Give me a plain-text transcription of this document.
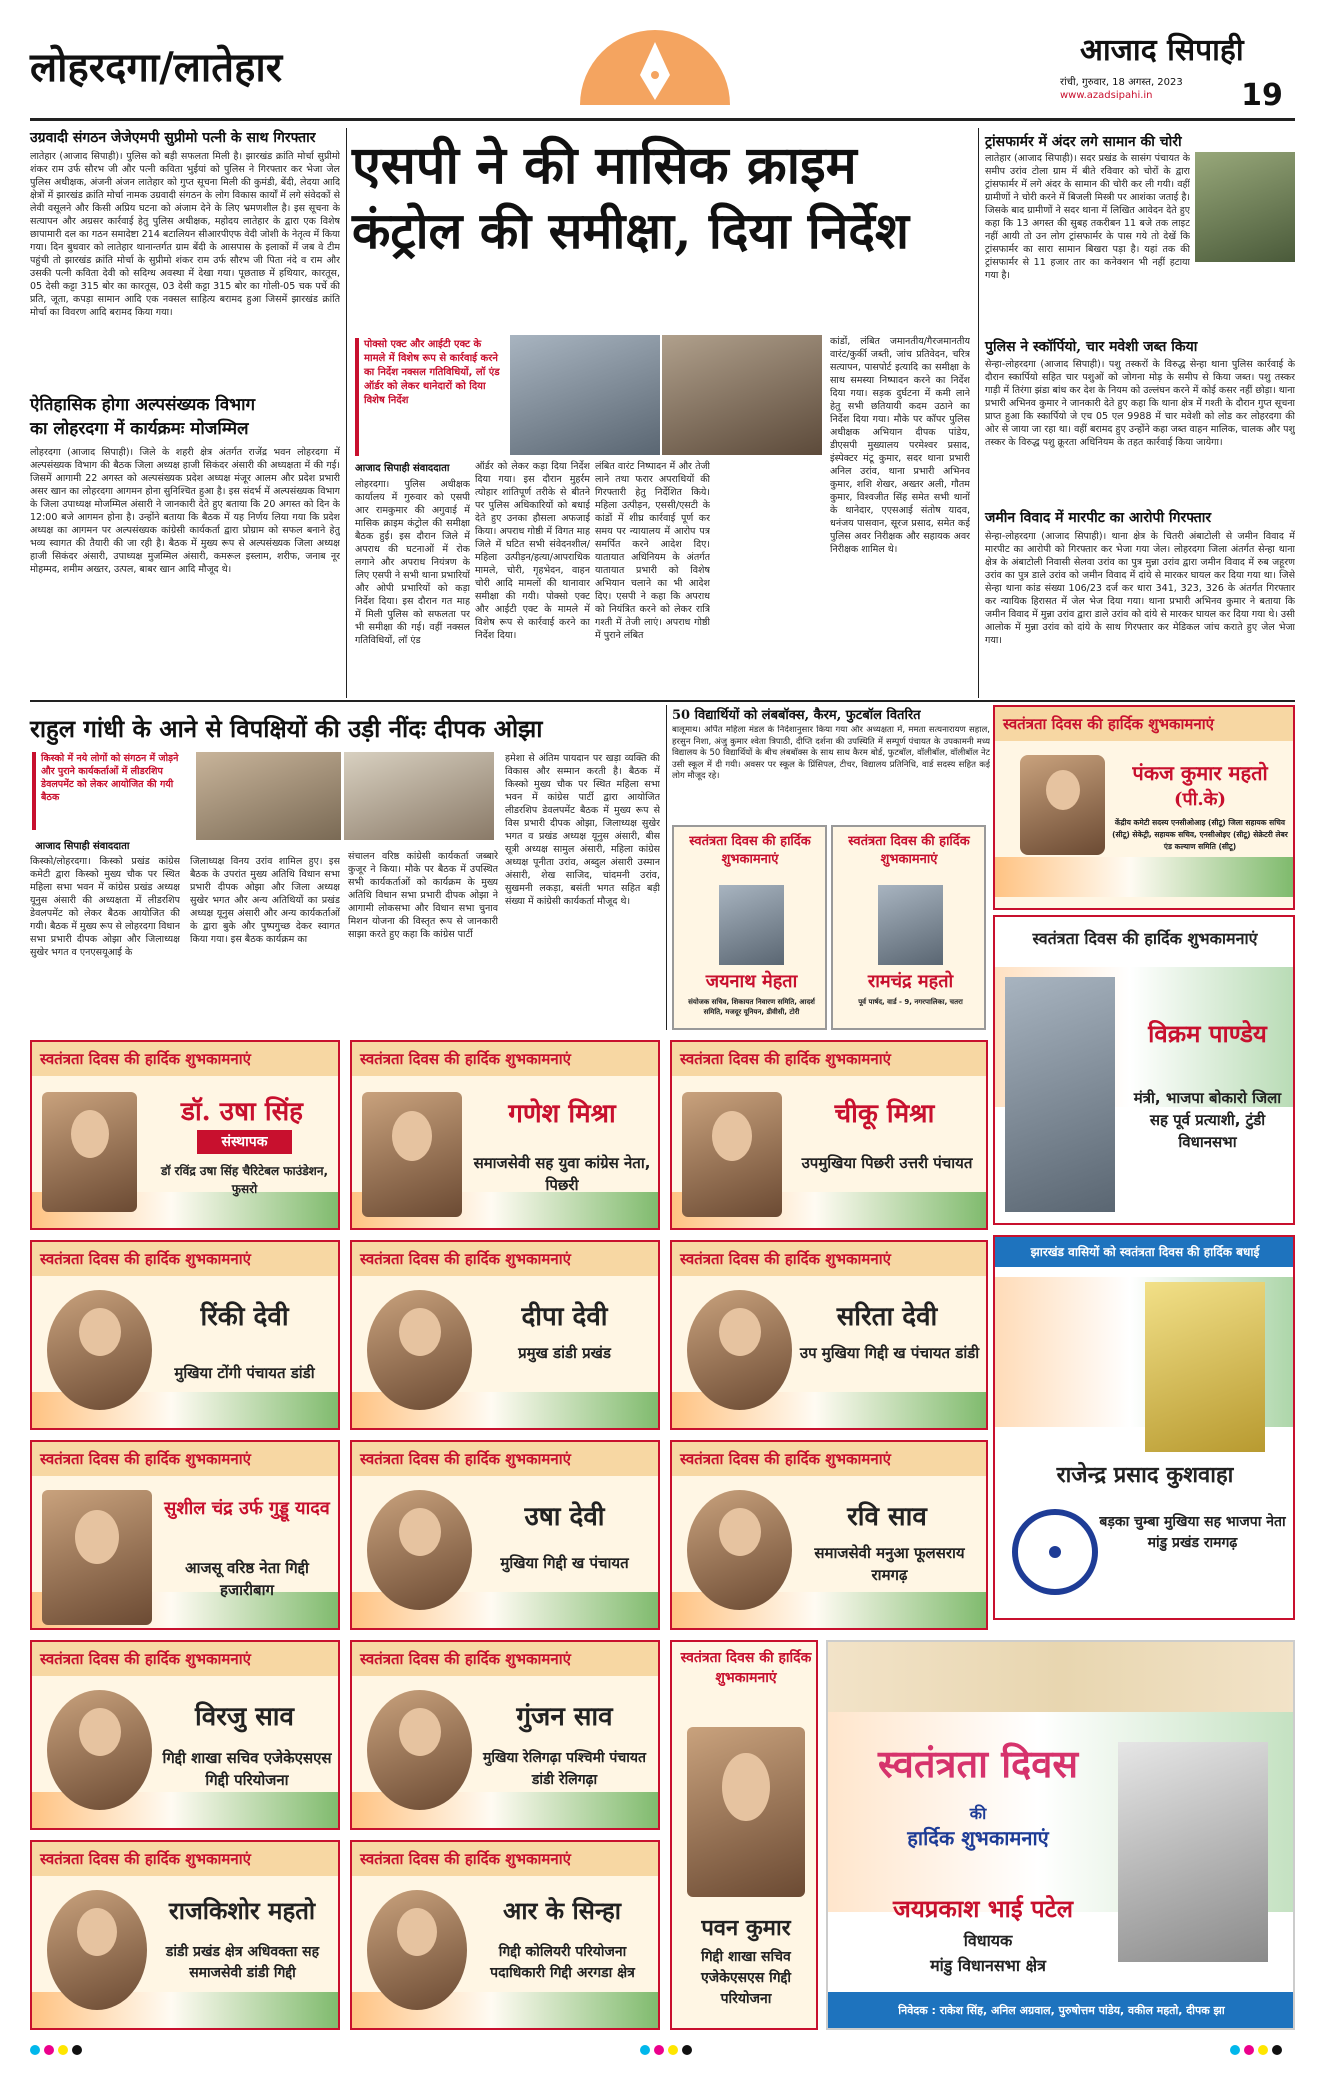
लोहरदगा/लातेहार	आजाद सिपाही
रांची, गुरुवार, 18 अगस्त, 2023
www.azadsipahi.in	19
उग्रवादी संगठन जेजेएमपी सुप्रीमो पत्नी के साथ गिरफ्तार
लातेहार (आजाद सिपाही)। पुलिस को बड़ी सफलता मिली है। झारखंड क्रांति मोर्चा सुप्रीमो शंकर राम उर्फ सौरभ जी और पत्नी कविता भुईयां को पुलिस ने गिरफ्तार कर भेजा जेल पुलिस अधीक्षक, अंजनी अंजन लातेहार को गुप्त सूचना मिली की कुमंडी, बेंदी, लेदया आदि क्षेत्रों में झारखंड क्रांति मोर्चा नामक उग्रवादी संगठन के लोग विकास कार्यों में लगे संवेदकों से लेवी वसूलने और किसी अप्रिय घटना को अंजाम देने के लिए भ्रमणशील है। इस सूचना के सत्यापन और अग्रसर कार्रवाई हेतु पुलिस अधीक्षक, महोदय लातेहार के द्वारा एक विशेष छापामारी दल का गठन समादेष्टा 214 बटालियन सीआरपीएफ वेदी जोशी के नेतृत्व में किया गया। दिन बुधवार को लातेहार थानान्तर्गत ग्राम बेंदी के आसपास के इलाकों में जब वे टीम पहुंची तो झारखंड क्रांति मोर्चा के सुप्रीमो शंकर राम उर्फ सौरभ जी पिता नंदे व राम और उसकी पत्नी कविता देवी को सदिग्ध अवस्था में देखा गया। पूछताछ में हथियार, कारतूस, 05 देसी कट्टा 315 बोर का कारतूस, 03 देसी कट्टा 315 बोर का गोली-05 चक पर्चे की प्रति, जूता, कपड़ा सामान आदि एक नक्सल साहित्य बरामद हुआ जिसमें झारखंड क्रांति मोर्चा का विवरण आदि बरामद किया गया।
ऐतिहासिक होगा अल्पसंख्यक विभाग
का लोहरदगा में कार्यक्रमः मोजम्मिल
लोहरदगा (आजाद सिपाही)। जिले के शहरी क्षेत्र अंतर्गत राजेंद्र भवन लोहरदगा में अल्पसंख्यक विभाग की बैठक जिला अध्यक्ष हाजी सिकंदर अंसारी की अध्यक्षता में की गई। जिसमें आगामी 22 अगस्त को अल्पसंख्यक प्रदेश अध्यक्ष मंजूर आलम और प्रदेश प्रभारी असर खान का लोहरदगा आगमन होना सुनिश्चित हुआ है। इस संदर्भ में अल्पसंख्यक विभाग के जिला उपाध्यक्ष मोजम्मिल अंसारी ने जानकारी देते हुए बताया कि 20 अगस्त को दिन के 12:00 बजे आगमन होना है। उन्होंने बताया कि बैठक में यह निर्णय लिया गया कि प्रदेश अध्यक्ष का आगमन पर अल्पसंख्यक कांग्रेसी कार्यकर्ता द्वारा प्रोग्राम को सफल बनाने हेतु भव्य स्वागत की तैयारी की जा रही है। बैठक में मुख्य रूप से अल्पसंख्यक जिला अध्यक्ष हाजी सिकंदर अंसारी, उपाध्यक्ष मुजम्मिल अंसारी, कमरूल इस्लाम, शरीफ, जनाब नूर मोहम्मद, शमीम अख्तर, उत्पल, बाबर खान आदि मौजूद थे।
एसपी ने की मासिक क्राइम
कंट्रोल की समीक्षा, दिया निर्देश
पोक्सो एक्ट और आईटी एक्ट के मामले में विशेष रूप से कार्रवाई करने का निर्देश नक्सल गतिविधियों, लॉ एंड ऑर्डर को लेकर थानेदारों को दिया विशेष निर्देश
आजाद सिपाही संवाददाता
लोहरदगा। पुलिस अधीक्षक कार्यालय में गुरुवार को एसपी आर रामकुमार की अगुवाई में मासिक क्राइम कंट्रोल की समीक्षा बैठक हुई। इस दौरान जिले में अपराध की घटनाओं में रोक लगाने और अपराध नियंत्रण के लिए एसपी ने सभी थाना प्रभारियों और ओपी प्रभारियों को कड़ा निर्देश दिया। इस दौरान गत माह में मिली पुलिस को सफलता पर भी समीक्षा की गई। वहीं नक्सल गतिविधियों, लॉ एंड
ऑर्डर को लेकर कड़ा दिया निर्देश दिया गया। इस दौरान मुहर्रम त्योहार शांतिपूर्ण तरीके से बीतने पर पुलिस अधिकारियों को बधाई देते हुए उनका हौसला अफजाई किया। अपराध गोष्ठी में विगत माह जिले में घटित सभी संवेदनशील/महिला उत्पीड़न/हत्या/आपराधिक मामले, चोरी, गृहभेदन, वाहन चोरी आदि मामलों की थानावार समीक्षा की गयी। पोक्सो एक्ट और आईटी एक्ट के मामले में विशेष रूप से कार्रवाई करने का निर्देश दिया।
लंबित वारंट निष्पादन में और तेजी लाने तथा फरार अपराधियों की गिरफ्तारी हेतु निर्देशित किये। महिला उत्पीड़न, एससी/एसटी के कांडों में शीघ्र कार्रवाई पूर्ण कर समय पर न्यायालय में आरोप पत्र समर्पित करने आदेश दिए। यातायात अधिनियम के अंतर्गत यातायात प्रभारी को विशेष अभियान चलाने का भी आदेश दिए। एसपी ने कहा कि अपराध को नियंत्रित करने को लेकर रात्रि गश्ती में तेजी लाएं। अपराध गोष्ठी में पुराने लंबित
कांडों, लंबित जमानतीय/गैरजमानतीय वारंट/कुर्की जब्ती, जांच प्रतिवेदन, चरित्र सत्यापन, पासपोर्ट इत्यादि का समीक्षा के साथ समस्या निष्पादन करने का निर्देश दिया गया। सड़क दुर्घटना में कमी लाने हेतु सभी छतियायी कदम उठाने का निर्देश दिया गया। मौके पर कॉपर पुलिस अधीक्षक अभियान दीपक पांडेय, डीएसपी मुख्यालय परमेश्वर प्रसाद, इंस्पेक्टर मंटू कुमार, सदर थाना प्रभारी अनिल उरांव, थाना प्रभारी अभिनव कुमार, शशि शेखर, अख्तर अली, गौतम कुमार, विश्वजीत सिंह समेत सभी थानों के थानेदार, एएसआई संतोष यादव, धनंजय पासवान, सूरज प्रसाद, समेत कई पुलिस अवर निरीक्षक और सहायक अवर निरीक्षक शामिल थे।
ट्रांसफार्मर में अंदर लगे सामान की चोरी
लातेहार (आजाद सिपाही)। सदर प्रखंड के सासंग पंचायत के समीप उरांव टोला ग्राम में बीते रविवार को चोरों के द्वारा ट्रांसफार्मर में लगे अंदर के सामान की चोरी कर ली गयी। वहीं ग्रामीणों ने चोरी करने में बिजली मिस्त्री पर आशंका जताई है। जिसके बाद ग्रामीणों ने सदर थाना में लिखित आवेदन देते हुए कहा कि 13 अगस्त की सुबह तकरीबन 11 बजे तक लाइट नहीं आयी तो उन लोग ट्रांसफार्मर के पास गये तो देखें कि ट्रांसफार्मर का सारा सामान बिखरा पड़ा है। यहां तक की ट्रांसफार्मर से 11 हजार तार का कनेक्शन भी नहीं हटाया गया है।
पुलिस ने स्कॉर्पियो, चार मवेशी जब्त किया
सेन्हा-लोहरदगा (आजाद सिपाही)। पशु तस्करों के विरुद्ध सेन्हा थाना पुलिस कार्रवाई के दौरान स्कार्पियो सहित चार पशुओं को जोगना मोड़ के समीप से किया जब्त। पशु तस्कर गाड़ी में तिरंगा झंडा बांध कर देश के नियम को उल्लंघन करने में कोई कसर नहीं छोड़ा। थाना प्रभारी अभिनव कुमार ने जानकारी देते हुए कहा कि थाना क्षेत्र में गश्ती के दौरान गुप्त सूचना प्राप्त हुआ कि स्कार्पियो जे एच 05 एल 9988 में चार मवेशी को लोड कर लोहरदगा की ओर से जाया जा रहा था। वहीं बरामद हुए उन्होंने कहा जब्त वाहन मालिक, चालक और पशु तस्कर के विरुद्ध पशु क्रूरता अधिनियम के तहत कार्रवाई किया जायेगा।
जमीन विवाद में मारपीट का आरोपी गिरफ्तार
सेन्हा-लोहरदगा (आजाद सिपाही)। थाना क्षेत्र के चितरी अंबाटोली से जमीन विवाद में मारपीट का आरोपी को गिरफ्तार कर भेजा गया जेल। लोहरदगा जिला अंतर्गत सेन्हा थाना क्षेत्र के अंबाटोली निवासी सेलवा उरांव का पुत्र मुन्ना उरांव द्वारा जमीन विवाद में रुब जहूरण उरांव का पुत्र डाले उरांव को जमीन विवाद में दांये से मारकर घायल कर दिया गया था। जिसे सेन्हा थाना कांड संख्या 106/23 दर्ज कर धारा 341, 323, 326 के अंतर्गत गिरफ्तार कर न्यायिक हिरासत में जेल भेज दिया गया। थाना प्रभारी अभिनव कुमार ने बताया कि जमीन विवाद में मुन्ना उरांव द्वारा डाले उरांव को दांये से मारकर घायल कर दिया गया थे। उसी आलोक में मुन्ना उरांव को दांये के साथ गिरफ्तार कर मेडिकल जांच कराते हुए जेल भेजा गया।
राहुल गांधी के आने से विपक्षियों की उड़ी नींदः दीपक ओझा
किस्को में नये लोगों को संगठन में जोड़ने और पुराने कार्यकर्ताओं में लीडरशिप डेवलपमेंट को लेकर आयोजित की गयी बैठक
आजाद सिपाही संवाददाता
किस्को/लोहरदगा। किस्को प्रखंड कांग्रेस कमेटी द्वारा किस्को मुख्य चौक पर स्थित महिला सभा भवन में कांग्रेस प्रखंड अध्यक्ष यूनुस अंसारी की अध्यक्षता में लीडरशिप डेवलपमेंट को लेकर बैठक आयोजित की गयी। बैठक में मुख्य रूप से लोहरदगा विधान सभा प्रभारी दीपक ओझा और जिलाध्यक्ष सुखेर भगत व एनएसयूआई के
जिलाध्यक्ष विनय उरांव शामिल हुए। इस बैठक के उपरांत मुख्य अतिथि विधान सभा प्रभारी दीपक ओझा और जिला अध्यक्ष सुखेर भगत और अन्य अतिथियों का प्रखंड अध्यक्ष यूनुस अंसारी और अन्य कार्यकर्ताओं के द्वारा बुके और पुष्पगुच्छ देकर स्वागत किया गया। इस बैठक कार्यक्रम का
संचालन वरिष्ठ कांग्रेसी कार्यकर्ता जब्बारे कुजूर ने किया। मौके पर बैठक में उपस्थित सभी कार्यकर्ताओं को कार्यक्रम के मुख्य अतिथि विधान सभा प्रभारी दीपक ओझा ने आगामी लोकसभा और विधान सभा चुनाव मिशन योजना की विस्तृत रूप से जानकारी साझा करते हुए कहा कि कांग्रेस पार्टी
हमेशा से अंतिम पायदान पर खड़ा व्यक्ति की विकास और सम्मान करती है। बैठक में किस्को मुख्य चौक पर स्थित महिला सभा भवन में कांग्रेस पार्टी द्वारा आयोजित लीडरशिप डेवलपमेंट बैठक में मुख्य रूप से विस प्रभारी दीपक ओझा, जिलाध्यक्ष सुखेर भगत व प्रखंड अध्यक्ष यूनुस अंसारी, बीस सूत्री अध्यक्ष सामुल अंसारी, महिला कांग्रेस अध्यक्ष पूनीता उरांव, अब्दुल अंसारी उस्मान अंसारी, शेख साजिद, चांदमनी उरांव, सुखमनी लकड़ा, बसंती भगत सहित बड़ी संख्या में कांग्रेसी कार्यकर्ता मौजूद थे।
50 विद्यार्थियों को लंबबॉक्स, कैरम, फुटबॉल वितरित
बालूमाथ। अर्पित महिला मंडल के निर्देशानुसार किया गया और अध्यक्षता में, ममता सत्यनारायण सहाल, हरसुन निशा, अंजु कुमार श्वेता त्रिपाठी, दीप्ति दर्शना की उपस्थिति में सम्पूर्ण पंचायत के उपकामनी मध्य विद्यालय के 50 विद्यार्थियों के बीच लंबबॉक्स के साथ साथ कैरम बोर्ड, फुटबॉल, वॉलीबॉल, वॉलीबॉल नेट उसी स्कूल में दी गयी। अवसर पर स्कूल के प्रिंसिपल, टीचर, विद्यालय प्रतिनिधि, वार्ड सदस्य सहित कई लोग मौजूद रहे।
स्वतंत्रता दिवस की हार्दिक शुभकामनाएं
जयनाथ मेहता
संयोजक सचिव, शिकायत निवारण समिति, आदर्श समिति, मजदूर यूनियन, डीवीसी, टोरी
स्वतंत्रता दिवस की हार्दिक शुभकामनाएं
रामचंद्र महतो
पूर्व पार्षद, वार्ड - 9, नगरपालिका, चतरा
स्वतंत्रता दिवस की हार्दिक शुभकामनाएं
पंकज कुमार महतो
(पी.के)
केंद्रीय कमेटी सदस्य एनसीओआइ (सीटू) जिला सहायक सचिव (सीटू) सेकेट्री, सहायक सचिव, एनसीओइए (सीटू) सेक्रेटरी लेबर एंड कल्याण समिति (सीटू)
स्वतंत्रता दिवस की हार्दिक शुभकामनाएं
विक्रम पाण्डेय
मंत्री, भाजपा बोकारो जिला सह पूर्व प्रत्याशी, टुंडी विधानसभा
स्वतंत्रता दिवस की हार्दिक शुभकामनाएं
डॉ. उषा सिंह
संस्थापक
डॉ रविंद्र उषा सिंह चैरिटेबल फाउंडेशन, फुसरो
स्वतंत्रता दिवस की हार्दिक शुभकामनाएं
गणेश मिश्रा
समाजसेवी सह युवा कांग्रेस नेता, पिछरी
स्वतंत्रता दिवस की हार्दिक शुभकामनाएं
चीकू मिश्रा
उपमुखिया पिछरी उत्तरी पंचायत
स्वतंत्रता दिवस की हार्दिक शुभकामनाएं
रिंकी देवी
मुखिया टोंगी पंचायत डांडी
स्वतंत्रता दिवस की हार्दिक शुभकामनाएं
दीपा देवी
प्रमुख डांडी प्रखंड
स्वतंत्रता दिवस की हार्दिक शुभकामनाएं
सरिता देवी
उप मुखिया गिद्दी ख पंचायत डांडी
झारखंड वासियों को स्वतंत्रता दिवस की हार्दिक बधाई
राजेन्द्र प्रसाद कुशवाहा
बड़का चुम्बा मुखिया सह भाजपा नेता मांडु प्रखंड रामगढ़
स्वतंत्रता दिवस की हार्दिक शुभकामनाएं
सुशील चंद्र उर्फ गुड्डू यादव
आजसू वरिष्ठ नेता गिद्दी हजारीबाग
स्वतंत्रता दिवस की हार्दिक शुभकामनाएं
उषा देवी
मुखिया गिद्दी ख पंचायत
स्वतंत्रता दिवस की हार्दिक शुभकामनाएं
रवि साव
समाजसेवी मनुआ फूलसराय रामगढ़
स्वतंत्रता दिवस की हार्दिक शुभकामनाएं
विरजु साव
गिद्दी शाखा सचिव एजेकेएसएस गिद्दी परियोजना
स्वतंत्रता दिवस की हार्दिक शुभकामनाएं
गुंजन साव
मुखिया रेलिगढ़ा पश्चिमी पंचायत डांडी रेलिगढ़ा
स्वतंत्रता दिवस की हार्दिक शुभकामनाएं
पवन कुमार
गिद्दी शाखा सचिव एजेकेएसएस गिद्दी परियोजना
स्वतंत्रता दिवस
की
हार्दिक शुभकामनाएं
जयप्रकाश भाई पटेल
विधायक
मांडु विधानसभा क्षेत्र
निवेदक : राकेश सिंह, अनिल अग्रवाल, पुरुषोत्तम पांडेय, वकील महतो, दीपक झा
स्वतंत्रता दिवस की हार्दिक शुभकामनाएं
राजकिशोर महतो
डांडी प्रखंड क्षेत्र अधिवक्ता सह समाजसेवी डांडी गिद्दी
स्वतंत्रता दिवस की हार्दिक शुभकामनाएं
आर के सिन्हा
गिद्दी कोलियरी परियोजना पदाधिकारी गिद्दी अरगडा क्षेत्र
